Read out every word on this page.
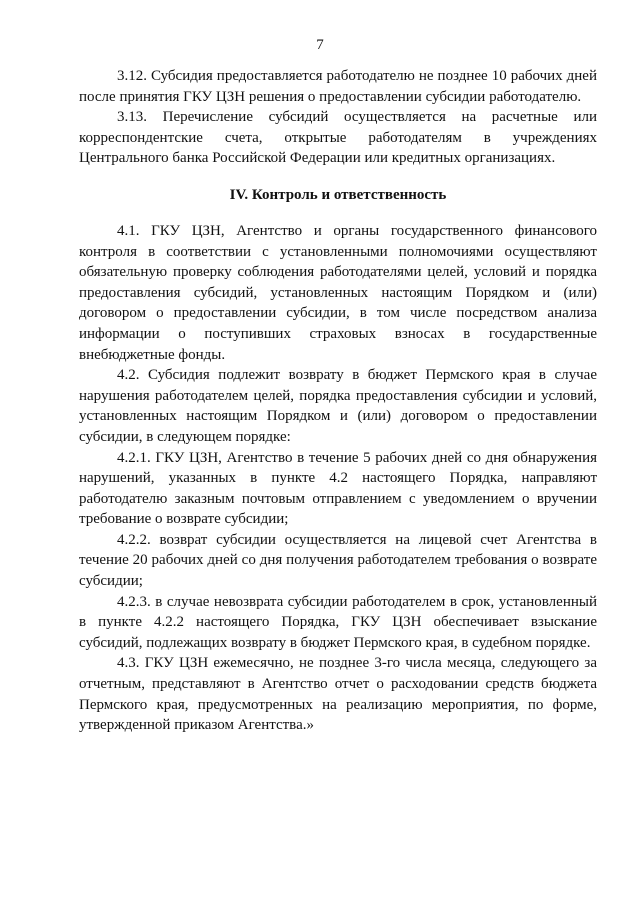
7

3.12. Субсидия предоставляется работодателю не позднее 10 рабочих дней после принятия ГКУ ЦЗН решения о предоставлении субсидии работодателю.

3.13. Перечисление субсидий осуществляется на расчетные или корреспондентские счета, открытые работодателям в учреждениях Центрального банка Российской Федерации или кредитных организациях.

IV. Контроль и ответственность

4.1. ГКУ ЦЗН, Агентство и органы государственного финансового контроля в соответствии с установленными полномочиями осуществляют обязательную проверку соблюдения работодателями целей, условий и порядка предоставления субсидий, установленных настоящим Порядком и (или) договором о предоставлении субсидии, в том числе посредством анализа информации о поступивших страховых взносах в государственные внебюджетные фонды.

4.2. Субсидия подлежит возврату в бюджет Пермского края в случае нарушения работодателем целей, порядка предоставления субсидии и условий, установленных настоящим Порядком и (или) договором о предоставлении субсидии, в следующем порядке:

4.2.1. ГКУ ЦЗН, Агентство в течение 5 рабочих дней со дня обнаружения нарушений, указанных в пункте 4.2 настоящего Порядка, направляют работодателю заказным почтовым отправлением с уведомлением о вручении требование о возврате субсидии;

4.2.2. возврат субсидии осуществляется на лицевой счет Агентства в течение 20 рабочих дней со дня получения работодателем требования о возврате субсидии;

4.2.3. в случае невозврата субсидии работодателем в срок, установленный в пункте 4.2.2 настоящего Порядка, ГКУ ЦЗН обеспечивает взыскание субсидий, подлежащих возврату в бюджет Пермского края, в судебном порядке.

4.3. ГКУ ЦЗН ежемесячно, не позднее 3-го числа месяца, следующего за отчетным, представляют в Агентство отчет о расходовании средств бюджета Пермского края, предусмотренных на реализацию мероприятия, по форме, утвержденной приказом Агентства.»
